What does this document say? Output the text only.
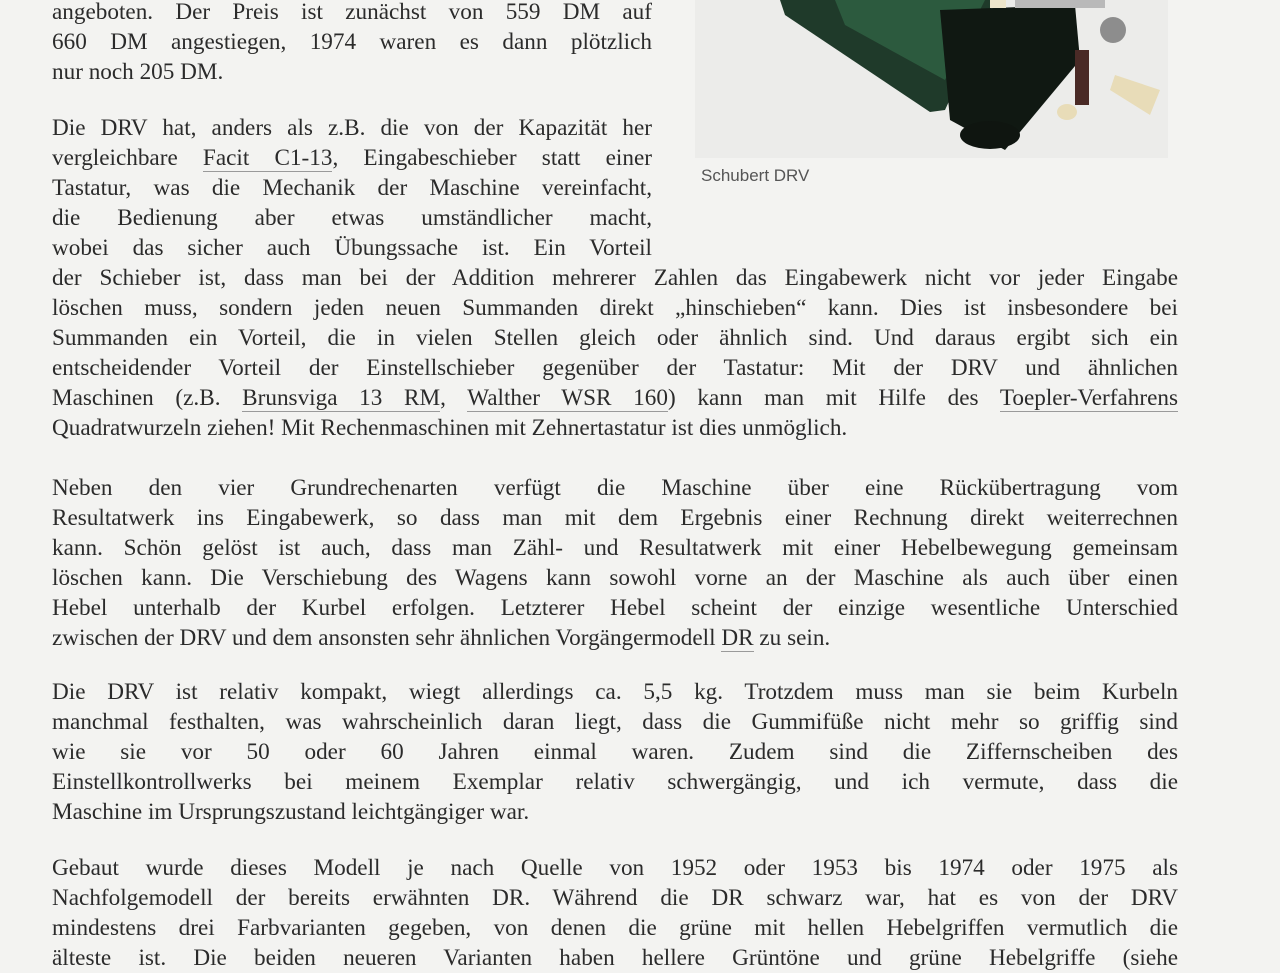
Schubert DRV
angeboten. Der Preis ist zunächst von 559 DM auf
660 DM angestiegen, 1974 waren es dann plötzlich
nur noch 205 DM.
Die DRV hat, anders als z.B. die von der Kapazität her
vergleichbare Facit C1-13, Eingabeschieber statt einer
Tastatur, was die Mechanik der Maschine vereinfacht,
die Bedienung aber etwas umständlicher macht,
wobei das sicher auch Übungssache ist. Ein Vorteil
der Schieber ist, dass man bei der Addition mehrerer Zahlen das Eingabewerk nicht vor jeder Eingabe
löschen muss, sondern jeden neuen Summanden direkt „hinschieben“ kann. Dies ist insbesondere bei
Summanden ein Vorteil, die in vielen Stellen gleich oder ähnlich sind. Und daraus ergibt sich ein
entscheidender Vorteil der Einstellschieber gegenüber der Tastatur: Mit der DRV und ähnlichen
Maschinen (z.B. Brunsviga 13 RM, Walther WSR 160) kann man mit Hilfe des Toepler-Verfahrens
Quadratwurzeln ziehen! Mit Rechenmaschinen mit Zehnertastatur ist dies unmöglich.
Neben den vier Grundrechenarten verfügt die Maschine über eine Rückübertragung vom
Resultatwerk ins Eingabewerk, so dass man mit dem Ergebnis einer Rechnung direkt weiterrechnen
kann. Schön gelöst ist auch, dass man Zähl- und Resultatwerk mit einer Hebelbewegung gemeinsam
löschen kann. Die Verschiebung des Wagens kann sowohl vorne an der Maschine als auch über einen
Hebel unterhalb der Kurbel erfolgen. Letzterer Hebel scheint der einzige wesentliche Unterschied
zwischen der DRV und dem ansonsten sehr ähnlichen Vorgängermodell DR zu sein.
Die DRV ist relativ kompakt, wiegt allerdings ca. 5,5 kg. Trotzdem muss man sie beim Kurbeln
manchmal festhalten, was wahrscheinlich daran liegt, dass die Gummifüße nicht mehr so griffig sind
wie sie vor 50 oder 60 Jahren einmal waren. Zudem sind die Ziffernscheiben des
Einstellkontrollwerks bei meinem Exemplar relativ schwergängig, und ich vermute, dass die
Maschine im Ursprungszustand leichtgängiger war.
Gebaut wurde dieses Modell je nach Quelle von 1952 oder 1953 bis 1974 oder 1975 als
Nachfolgemodell der bereits erwähnten DR. Während die DR schwarz war, hat es von der DRV
mindestens drei Farbvarianten gegeben, von denen die grüne mit hellen Hebelgriffen vermutlich die
älteste ist. Die beiden neueren Varianten haben hellere Grüntöne und grüne Hebelgriffe (siehe
